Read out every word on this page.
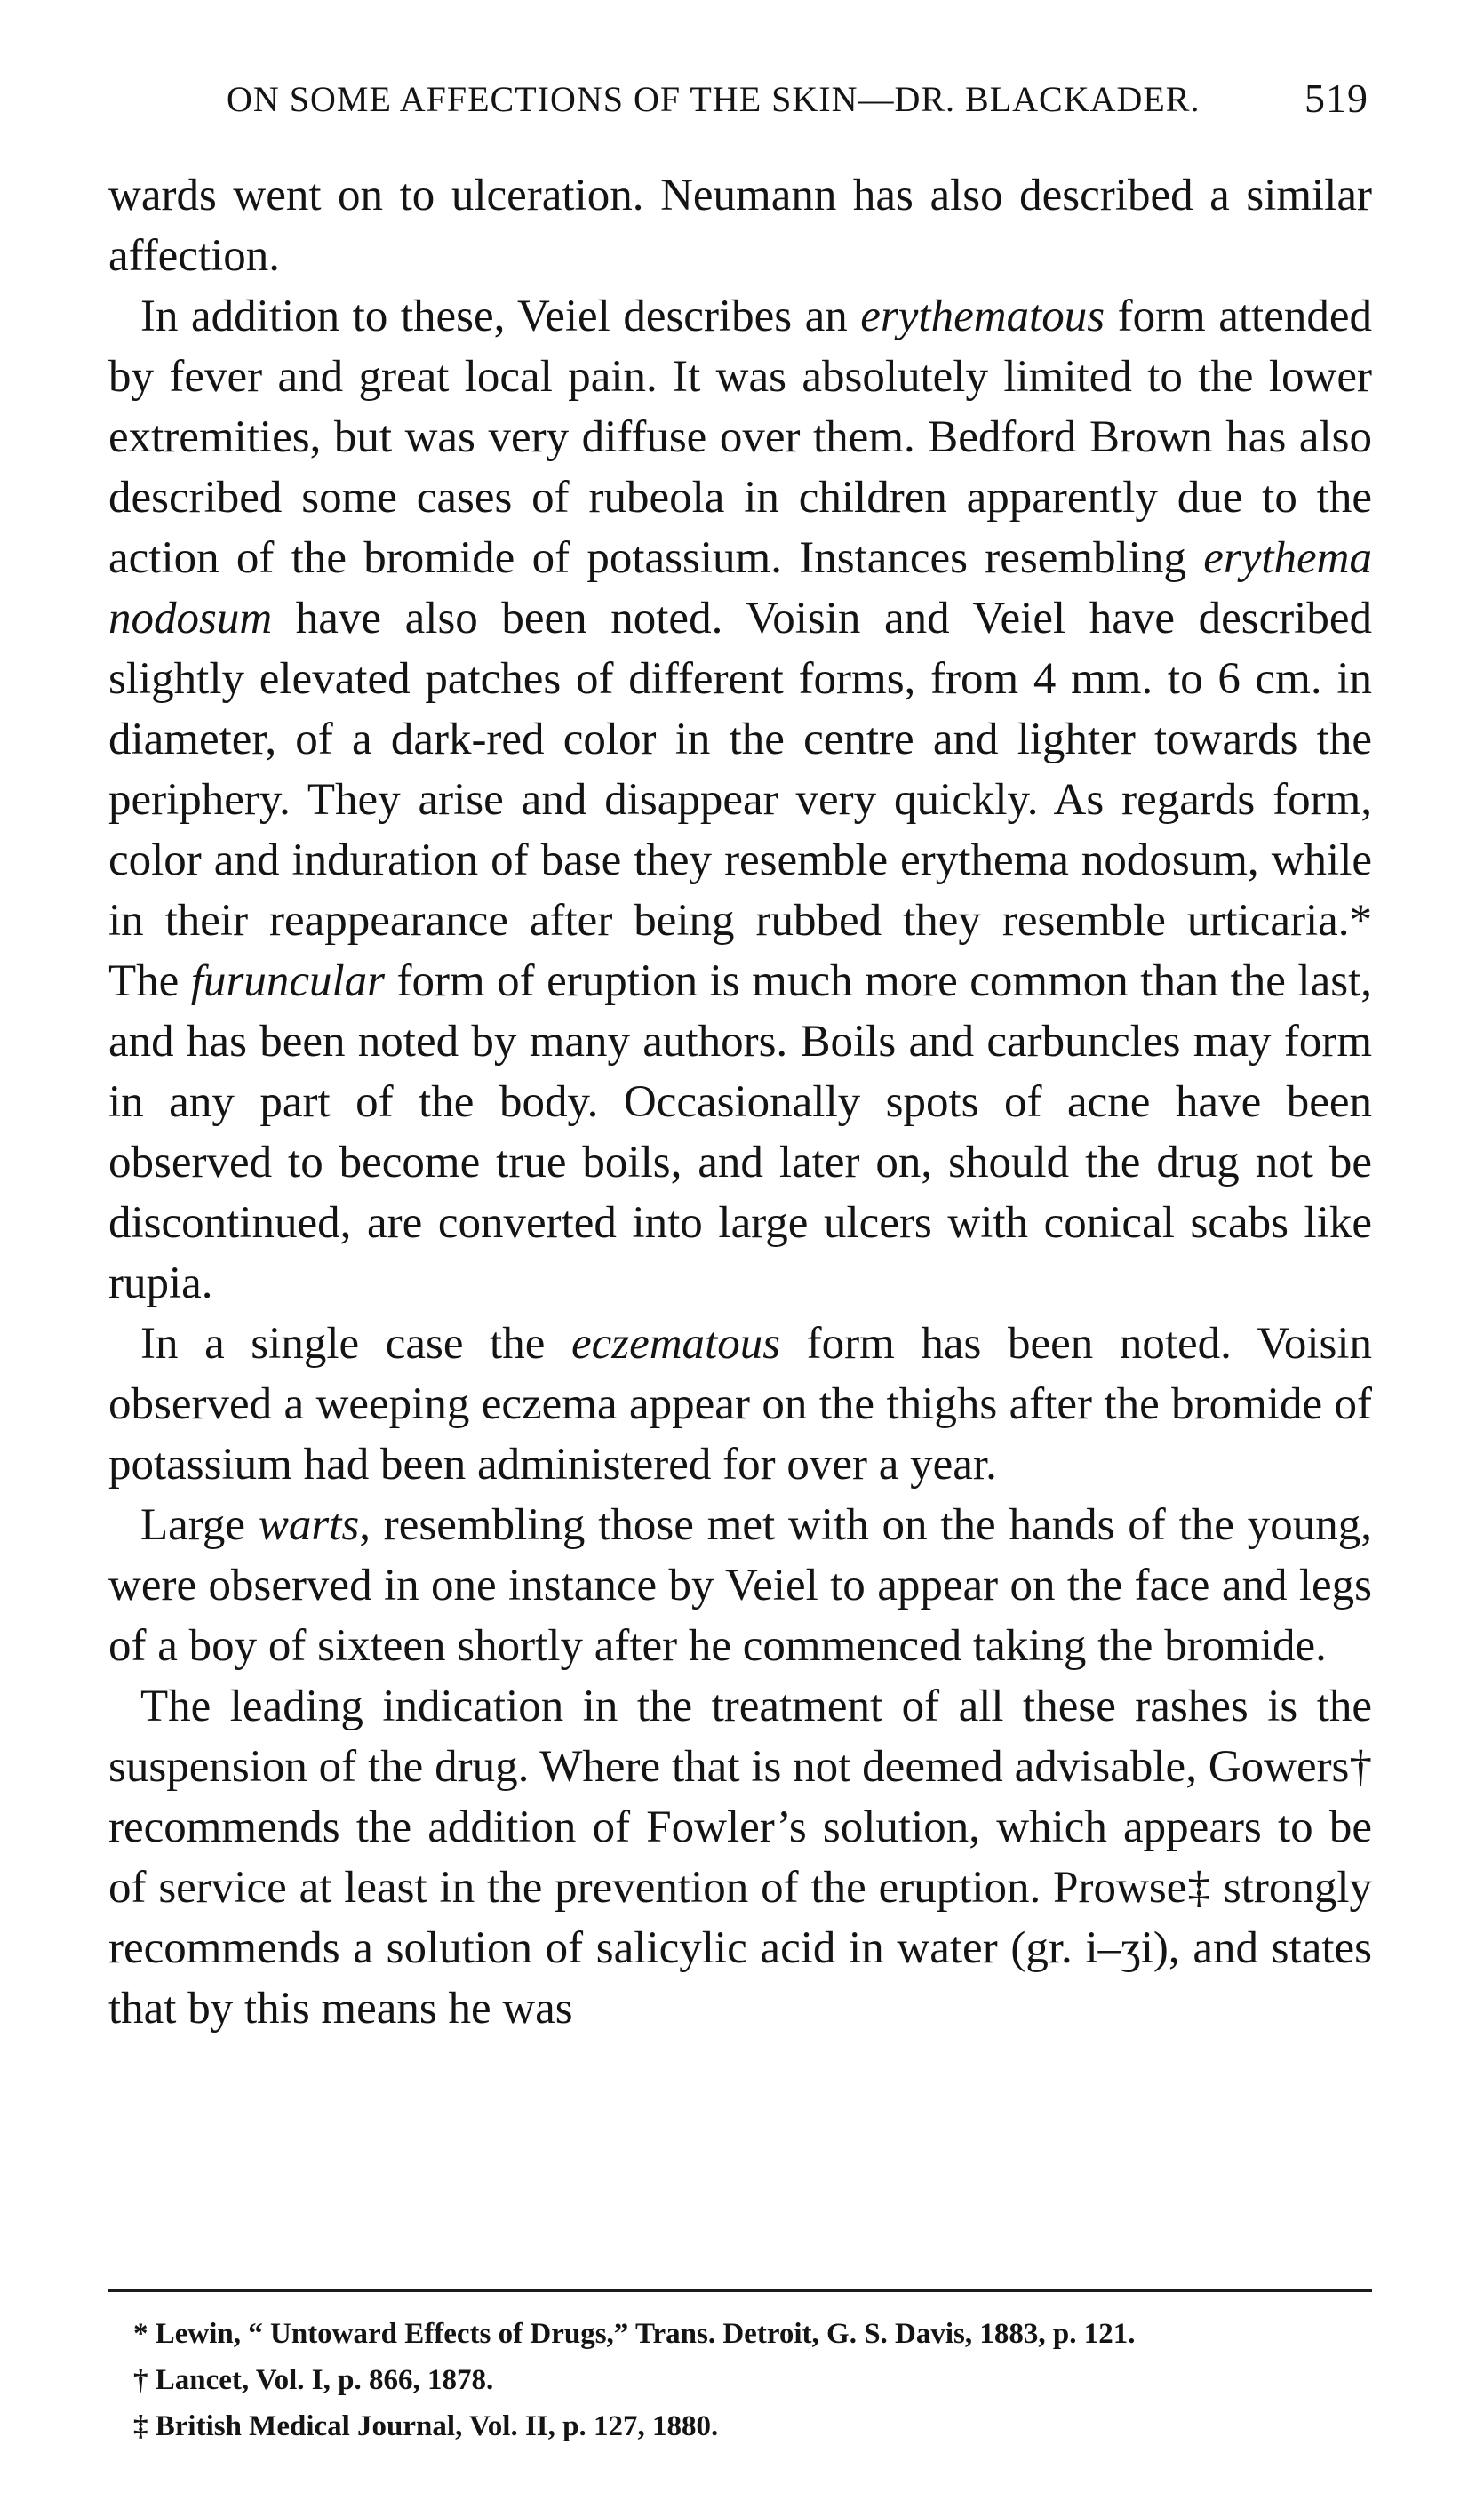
ON SOME AFFECTIONS OF THE SKIN—DR. BLACKADER.	519

wards went on to ulceration. Neumann has also described a similar affection.

In addition to these, Veiel describes an erythematous form attended by fever and great local pain. It was absolutely limited to the lower extremities, but was very diffuse over them. Bedford Brown has also described some cases of rubeola in children apparently due to the action of the bromide of potassium. Instances resembling erythema nodosum have also been noted. Voisin and Veiel have described slightly elevated patches of different forms, from 4 mm. to 6 cm. in diameter, of a dark-red color in the centre and lighter towards the periphery. They arise and disappear very quickly. As regards form, color and induration of base they resemble erythema nodosum, while in their reappearance after being rubbed they resemble urticaria.* The furuncular form of eruption is much more common than the last, and has been noted by many authors. Boils and carbuncles may form in any part of the body. Occasionally spots of acne have been observed to become true boils, and later on, should the drug not be discontinued, are converted into large ulcers with conical scabs like rupia.

In a single case the eczematous form has been noted. Voisin observed a weeping eczema appear on the thighs after the bromide of potassium had been administered for over a year.

Large warts, resembling those met with on the hands of the young, were observed in one instance by Veiel to appear on the face and legs of a boy of sixteen shortly after he commenced taking the bromide.

The leading indication in the treatment of all these rashes is the suspension of the drug. Where that is not deemed advisable, Gowers† recommends the addition of Fowler’s solution, which appears to be of service at least in the prevention of the eruption. Prowse‡ strongly recommends a solution of salicylic acid in water (gr. i–ʒi), and states that by this means he was

* Lewin, “ Untoward Effects of Drugs,” Trans. Detroit, G. S. Davis, 1883, p. 121.
† Lancet, Vol. I, p. 866, 1878.
‡ British Medical Journal, Vol. II, p. 127, 1880.
